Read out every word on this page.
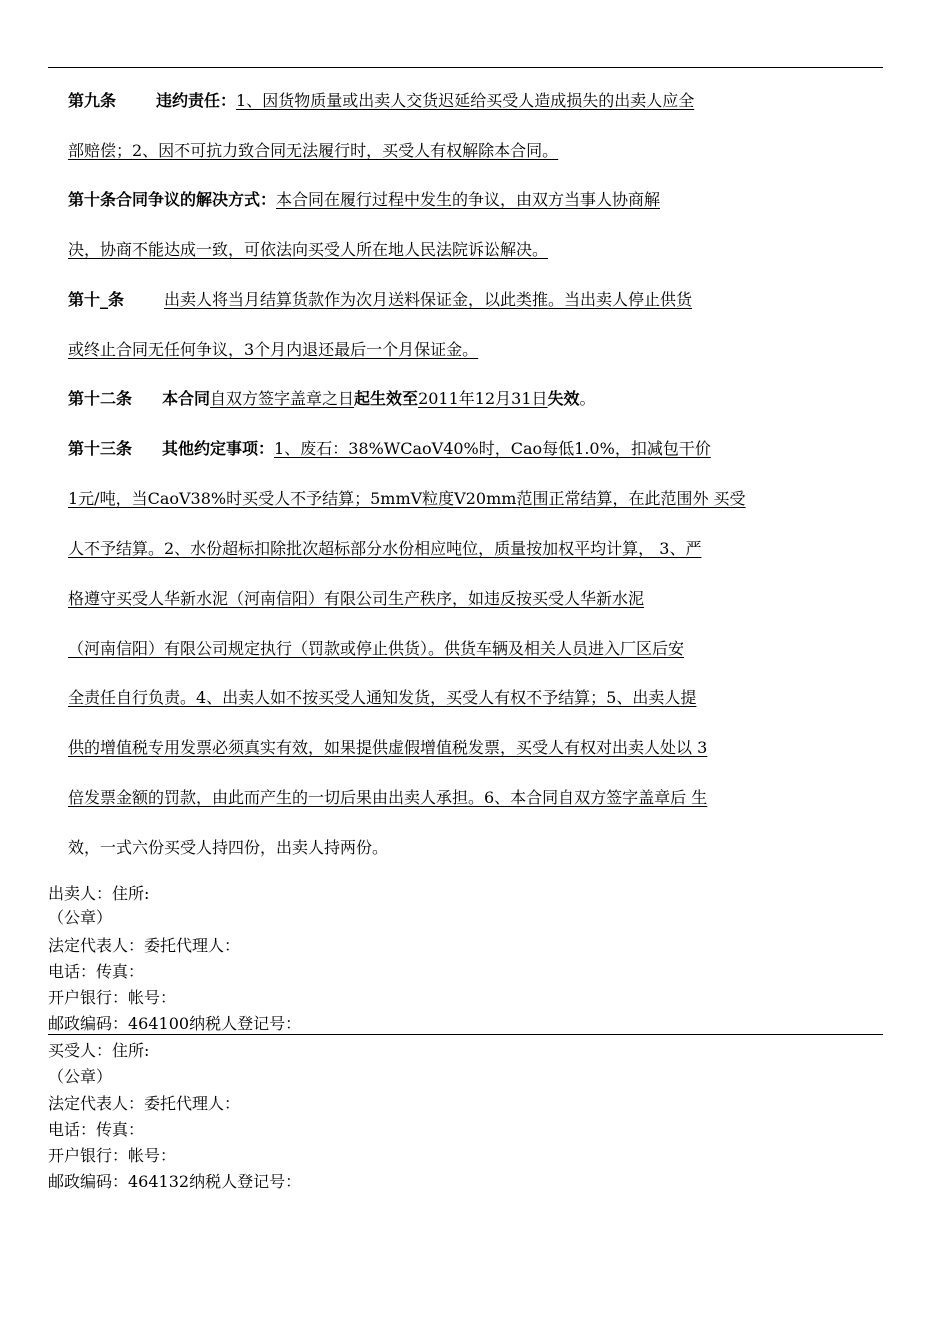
第九条	违约责任：1、因货物质量或出卖人交货迟延给买受人造成损失的出卖人应全
部赔偿；2、因不可抗力致合同无法履行时，买受人有权解除本合同。
第十条合同争议的解决方式：本合同在履行过程中发生的争议，由双方当事人协商解
决，协商不能达成一致，可依法向买受人所在地人民法院诉讼解决。
第十_条	出卖人将当月结算货款作为次月送料保证金，以此类推。当出卖人停止供货
或终止合同无任何争议，3个月内退还最后一个月保证金。
第十二条 本合同自双方签字盖章之日起生效至2011年12月31日失效。
第十三条 其他约定事项：1、废石：38%WCaoV40%时，Cao每低1.0%，扣减包干价
1元/吨，当CaoV38%时买受人不予结算；5mmV粒度V20mm范围正常结算，在此范围外 买受
人不予结算。2、水份超标扣除批次超标部分水份相应吨位，质量按加权平均计算， 3、严
格遵守买受人华新水泥（河南信阳）有限公司生产秩序，如违反按买受人华新水泥
（河南信阳）有限公司规定执行（罚款或停止供货）。供货车辆及相关人员进入厂区后安
全责任自行负责。4、出卖人如不按买受人通知发货，买受人有权不予结算；5、出卖人提
供的增值税专用发票必须真实有效，如果提供虚假增值税发票，买受人有权对出卖人处以 3
倍发票金额的罚款，由此而产生的一切后果由出卖人承担。6、本合同自双方签字盖章后 生
效，一式六份买受人持四份，出卖人持两份。
出卖人：住所:
（公章）
法定代表人：委托代理人：
电话：传真：
开户银行：帐号：
邮政编码：464100纳税人登记号：
买受人：住所:
（公章）
法定代表人：委托代理人：
电话：传真：
开户银行：帐号：
邮政编码：464132纳税人登记号：
